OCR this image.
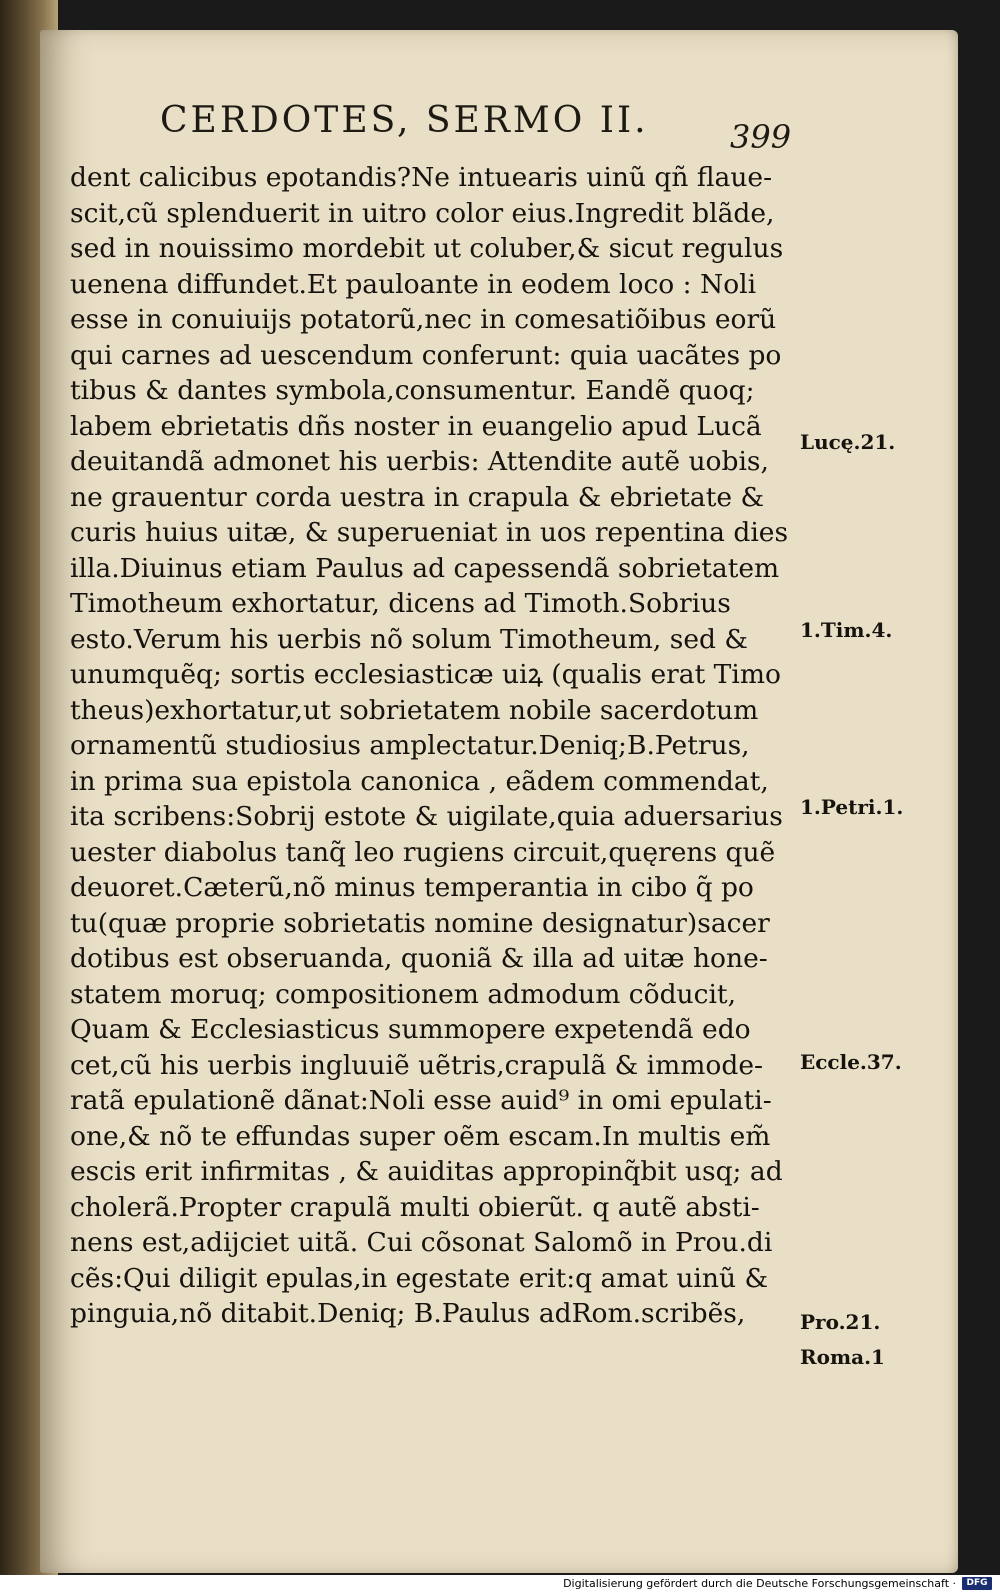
CERDOTES, SERMO II.	399
dent calicibus epotandis?Ne intuearis uinũ qñ flaue-
scit,cũ splenduerit in uitro color eius.Ingredit blãde,
sed in nouissimo mordebit ut coluber,& sicut regulus
uenena diffundet.Et pauloante in eodem loco : Noli
esse in conuiuijs potatorũ,nec in comesatiõibus eorũ
qui carnes ad uescendum conferunt: quia uacãtes po
tibus & dantes symbola,consumentur. Eandẽ quoq;
labem ebrietatis dñs noster in euangelio apud Lucã
deuitandã admonet his uerbis: Attendite autẽ uobis,
ne grauentur corda uestra in crapula & ebrietate &
curis huius uitæ, & superueniat in uos repentina dies
illa.Diuinus etiam Paulus ad capessendã sobrietatem
Timotheum exhortatur, dicens ad Timoth.Sobrius
esto.Verum his uerbis nõ solum Timotheum, sed &
unumquẽq; sortis ecclesiasticæ uiꝝ (qualis erat Timo
theus)exhortatur,ut sobrietatem nobile sacerdotum
ornamentũ studiosius amplectatur.Deniq;B.Petrus,
in prima sua epistola canonica , eãdem commendat,
ita scribens:Sobrij estote & uigilate,quia aduersarius
uester diabolus tanq̃ leo rugiens circuit,quęrens quẽ
deuoret.Cæterũ,nõ minus temperantia in cibo q̃ po
tu(quæ proprie sobrietatis nomine designatur)sacer
dotibus est obseruanda, quoniã & illa ad uitæ hone-
statem moruq; compositionem admodum cõducit,
Quam & Ecclesiasticus summopere expetendã edo
cet,cũ his uerbis ingluuiẽ uẽtris,crapulã & immode-
ratã epulationẽ dãnat:Noli esse auid⁹ in omi epulati-
one,& nõ te effundas super oẽm escam.In multis em̃
escis erit infirmitas , & auiditas appropinq̃bit usq; ad
cholerã.Propter crapulã multi obierũt. q autẽ absti-
nens est,adijciet uitã. Cui cõsonat Salomõ in Prou.di
cẽs:Qui diligit epulas,in egestate erit:q amat uinũ &
pinguia,nõ ditabit.Deniq; B.Paulus adRom.scribẽs,
Lucę.21.
1.Tim.4.
1.Petri.1.
Eccle.37.
Pro.21.
Roma.1
Digitalisierung gefördert durch die Deutsche Forschungsgemeinschaft ·	DFG
